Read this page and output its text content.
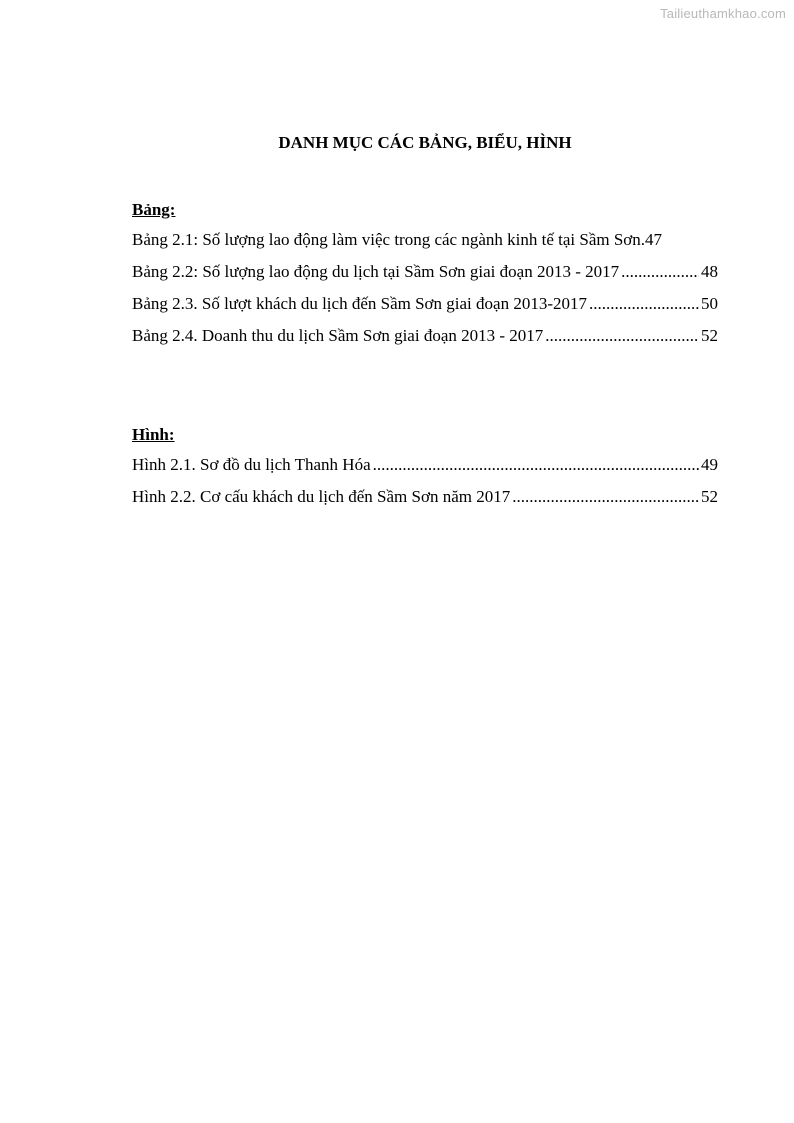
Tailieuthamkhao.com
DANH MỤC CÁC BẢNG, BIỂU, HÌNH
Bảng:
Bảng 2.1: Số lượng lao động làm việc trong các ngành kinh tế tại Sầm Sơn. 47
Bảng 2.2: Số lượng lao động du lịch tại Sầm Sơn giai đoạn 2013 - 2017 .....	48
Bảng 2.3. Số lượt khách du lịch đến Sầm Sơn giai đoạn 2013-2017 .....	50
Bảng 2.4. Doanh thu du lịch Sầm Sơn giai đoạn 2013 - 2017 .....	52
Hình:
Hình 2.1. Sơ đồ du lịch Thanh Hóa .....	49
Hình 2.2. Cơ cấu khách du lịch đến Sầm Sơn năm 2017 .....	52
